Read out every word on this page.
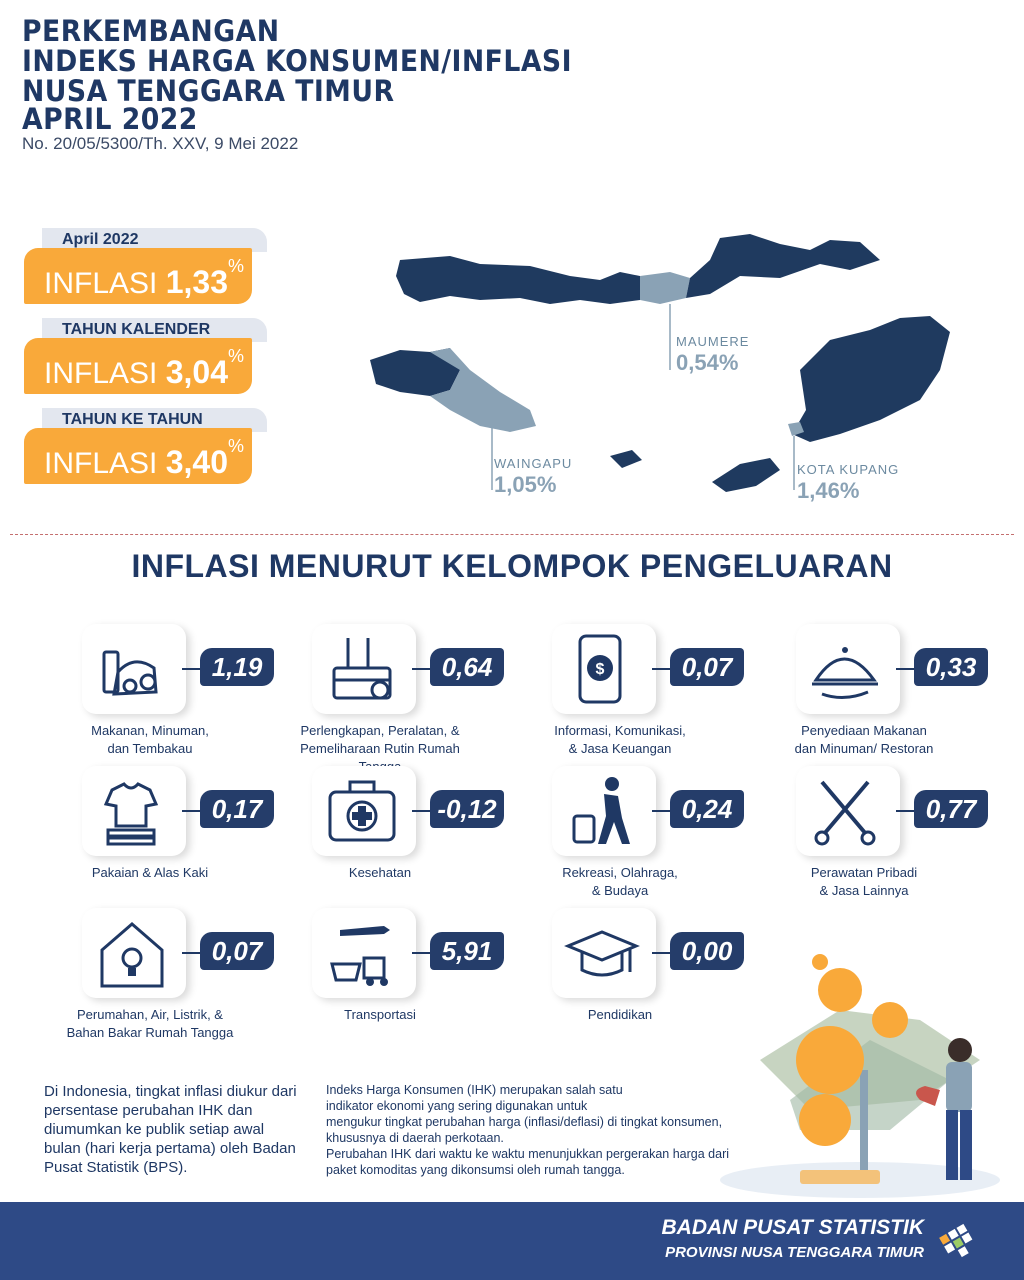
PERKEMBANGAN
INDEKS HARGA KONSUMEN/INFLASI
NUSA TENGGARA TIMUR
APRIL 2022
No. 20/05/5300/Th. XXV, 9 Mei 2022
April 2022
INFLASI 1,33%
TAHUN KALENDER
INFLASI 3,04%
TAHUN KE TAHUN
INFLASI 3,40%
MAUMERE
0,54%
WAINGAPU
1,05%
KOTA KUPANG
1,46%
INFLASI MENURUT KELOMPOK PENGELUARAN
1,19
Makanan, Minuman,
dan Tembakau
0,64
Perlengkapan, Peralatan, &
Pemeliharaan Rutin Rumah
$	0,07
Informasi, Komunikasi,
& Jasa Keuangan
0,33
Penyediaan Makanan
dan Minuman/ Restoran
0,17
Pakaian & Alas Kaki
-0,12
Kesehatan
0,24
Rekreasi, Olahraga,
& Budaya
0,77
Perawatan Pribadi
& Jasa Lainnya
0,07
Perumahan, Air, Listrik, &
Bahan Bakar Rumah Tangga
5,91
Transportasi
0,00
Pendidikan
Di Indonesia, tingkat inflasi diukur dari persentase perubahan IHK dan diumumkan ke publik setiap awal bulan (hari kerja pertama) oleh Badan Pusat Statistik (BPS).
Indeks Harga Konsumen (IHK) merupakan salah satu
indikator ekonomi yang sering digunakan untuk
mengukur tingkat perubahan harga (inflasi/deflasi) di tingkat konsumen,
khususnya di daerah perkotaan.
Perubahan IHK dari waktu ke waktu menunjukkan pergerakan harga dari
paket komoditas yang dikonsumsi oleh rumah tangga.
BADAN PUSAT STATISTIK
PROVINSI NUSA TENGGARA TIMUR
